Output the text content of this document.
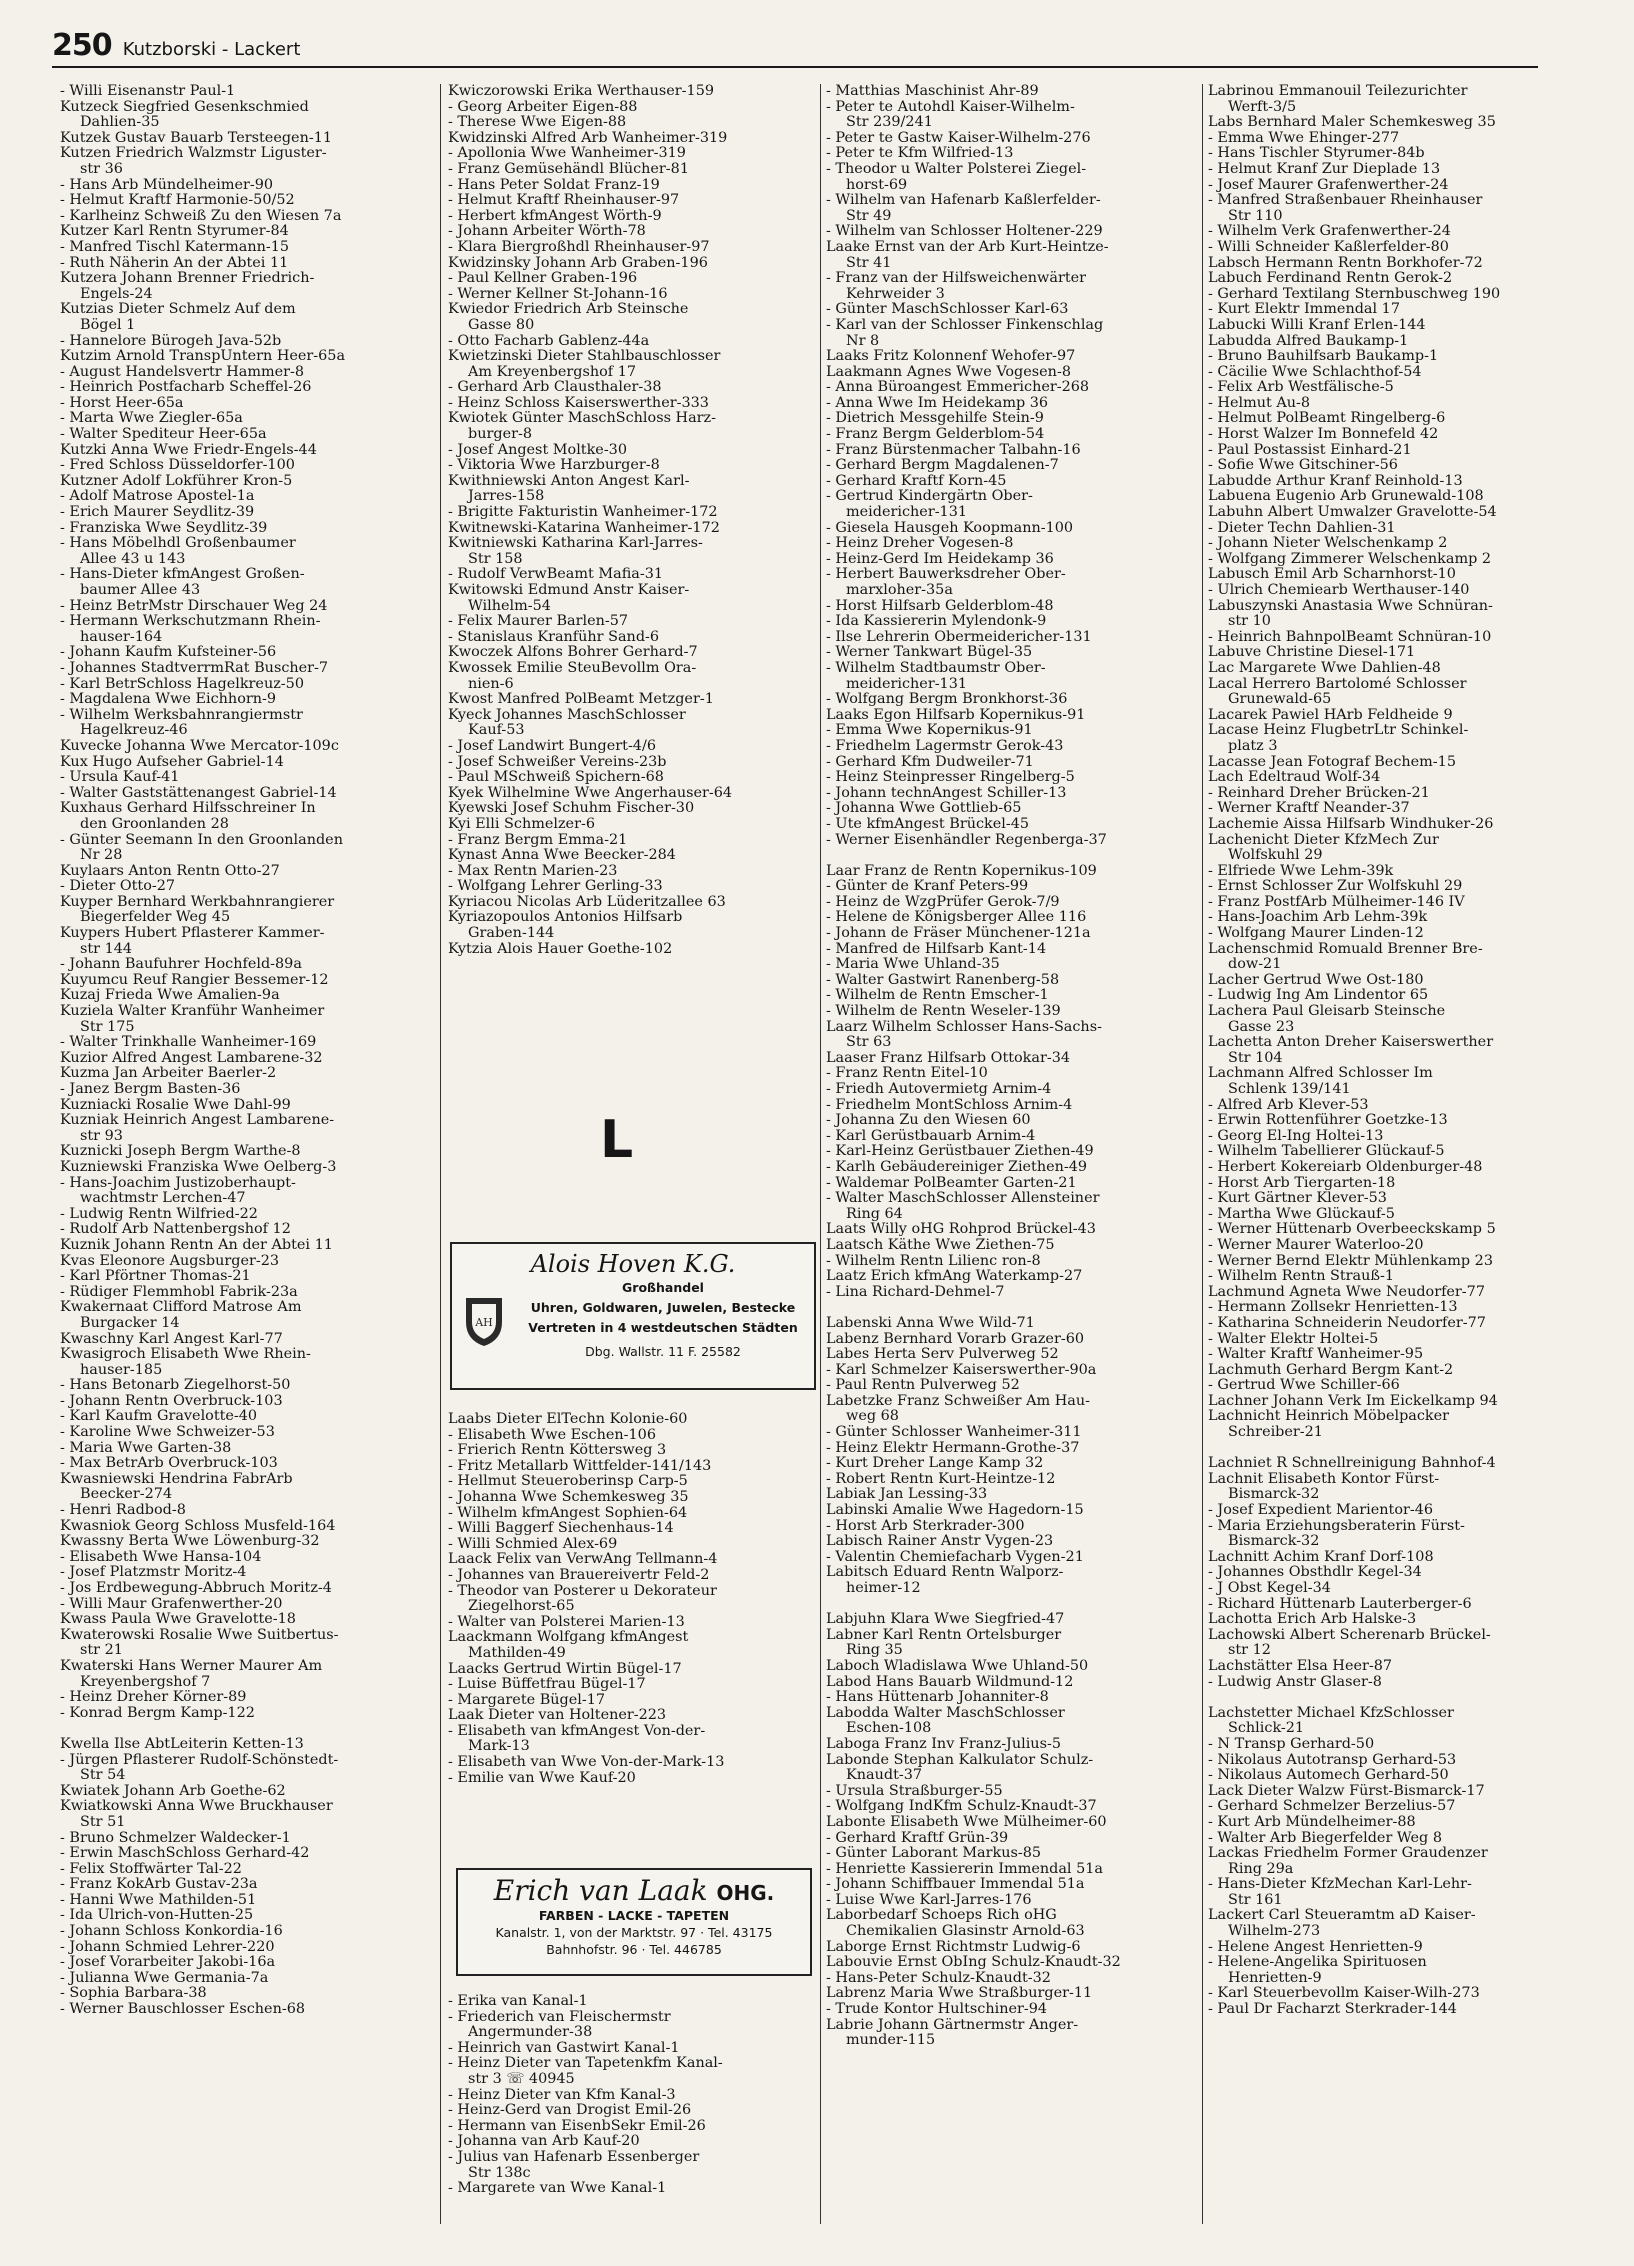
250 Kutzborski - Lackert
- Willi Eisenanstr Paul-1
Kutzeck Siegfried Gesenkschmied
Dahlien-35
Kutzek Gustav Bauarb Tersteegen-11
Kutzen Friedrich Walzmstr Liguster-
str 36
- Hans Arb Mündelheimer-90
- Helmut Kraftf Harmonie-50/52
- Karlheinz Schweiß Zu den Wiesen 7a
Kutzer Karl Rentn Styrumer-84
- Manfred Tischl Katermann-15
- Ruth Näherin An der Abtei 11
Kutzera Johann Brenner Friedrich-
Engels-24
Kutzias Dieter Schmelz Auf dem
Bögel 1
- Hannelore Bürogeh Java-52b
Kutzim Arnold TranspUntern Heer-65a
- August Handelsvertr Hammer-8
- Heinrich Postfacharb Scheffel-26
- Horst Heer-65a
- Marta Wwe Ziegler-65a
- Walter Spediteur Heer-65a
Kutzki Anna Wwe Friedr-Engels-44
- Fred Schloss Düsseldorfer-100
Kutzner Adolf Lokführer Kron-5
- Adolf Matrose Apostel-1a
- Erich Maurer Seydlitz-39
- Franziska Wwe Seydlitz-39
- Hans Möbelhdl Großenbaumer
Allee 43 u 143
- Hans-Dieter kfmAngest Großen-
baumer Allee 43
- Heinz BetrMstr Dirschauer Weg 24
- Hermann Werkschutzmann Rhein-
hauser-164
- Johann Kaufm Kufsteiner-56
- Johannes StadtverrmRat Buscher-7
- Karl BetrSchloss Hagelkreuz-50
- Magdalena Wwe Eichhorn-9
- Wilhelm Werksbahnrangiermstr
Hagelkreuz-46
Kuvecke Johanna Wwe Mercator-109c
Kux Hugo Aufseher Gabriel-14
- Ursula Kauf-41
- Walter Gaststättenangest Gabriel-14
Kuxhaus Gerhard Hilfsschreiner In
den Groonlanden 28
- Günter Seemann In den Groonlanden
Nr 28
Kuylaars Anton Rentn Otto-27
- Dieter Otto-27
Kuyper Bernhard Werkbahnrangierer
Biegerfelder Weg 45
Kuypers Hubert Pflasterer Kammer-
str 144
- Johann Baufuhrer Hochfeld-89a
Kuyumcu Reuf Rangier Bessemer-12
Kuzaj Frieda Wwe Amalien-9a
Kuziela Walter Kranführ Wanheimer
Str 175
- Walter Trinkhalle Wanheimer-169
Kuzior Alfred Angest Lambarene-32
Kuzma Jan Arbeiter Baerler-2
- Janez Bergm Basten-36
Kuzniacki Rosalie Wwe Dahl-99
Kuzniak Heinrich Angest Lambarene-
str 93
Kuznicki Joseph Bergm Warthe-8
Kuzniewski Franziska Wwe Oelberg-3
- Hans-Joachim Justizoberhaupt-
wachtmstr Lerchen-47
- Ludwig Rentn Wilfried-22
- Rudolf Arb Nattenbergshof 12
Kuznik Johann Rentn An der Abtei 11
Kvas Eleonore Augsburger-23
- Karl Pförtner Thomas-21
- Rüdiger Flemmhobl Fabrik-23a
Kwakernaat Clifford Matrose Am
Burgacker 14
Kwaschny Karl Angest Karl-77
Kwasigroch Elisabeth Wwe Rhein-
hauser-185
- Hans Betonarb Ziegelhorst-50
- Johann Rentn Overbruck-103
- Karl Kaufm Gravelotte-40
- Karoline Wwe Schweizer-53
- Maria Wwe Garten-38
- Max BetrArb Overbruck-103
Kwasniewski Hendrina FabrArb
Beecker-274
- Henri Radbod-8
Kwasniok Georg Schloss Musfeld-164
Kwassny Berta Wwe Löwenburg-32
- Elisabeth Wwe Hansa-104
- Josef Platzmstr Moritz-4
- Jos Erdbewegung-Abbruch Moritz-4
- Willi Maur Grafenwerther-20
Kwass Paula Wwe Gravelotte-18
Kwaterowski Rosalie Wwe Suitbertus-
str 21
Kwaterski Hans Werner Maurer Am
Kreyenbergshof 7
- Heinz Dreher Körner-89
- Konrad Bergm Kamp-122
Kwella Ilse AbtLeiterin Ketten-13
- Jürgen Pflasterer Rudolf-Schönstedt-
Str 54
Kwiatek Johann Arb Goethe-62
Kwiatkowski Anna Wwe Bruckhauser
Str 51
- Bruno Schmelzer Waldecker-1
- Erwin MaschSchloss Gerhard-42
- Felix Stoffwärter Tal-22
- Franz KokArb Gustav-23a
- Hanni Wwe Mathilden-51
- Ida Ulrich-von-Hutten-25
- Johann Schloss Konkordia-16
- Johann Schmied Lehrer-220
- Josef Vorarbeiter Jakobi-16a
- Julianna Wwe Germania-7a
- Sophia Barbara-38
- Werner Bauschlosser Eschen-68
Kwiczorowski Erika Werthauser-159
- Georg Arbeiter Eigen-88
- Therese Wwe Eigen-88
Kwidzinski Alfred Arb Wanheimer-319
- Apollonia Wwe Wanheimer-319
- Franz Gemüsehändl Blücher-81
- Hans Peter Soldat Franz-19
- Helmut Kraftf Rheinhauser-97
- Herbert kfmAngest Wörth-9
- Johann Arbeiter Wörth-78
- Klara Biergroßhdl Rheinhauser-97
Kwidzinsky Johann Arb Graben-196
- Paul Kellner Graben-196
- Werner Kellner St-Johann-16
Kwiedor Friedrich Arb Steinsche
Gasse 80
- Otto Facharb Gablenz-44a
Kwietzinski Dieter Stahlbauschlosser
Am Kreyenbergshof 17
- Gerhard Arb Clausthaler-38
- Heinz Schloss Kaiserswerther-333
Kwiotek Günter MaschSchloss Harz-
burger-8
- Josef Angest Moltke-30
- Viktoria Wwe Harzburger-8
Kwithniewski Anton Angest Karl-
Jarres-158
- Brigitte Fakturistin Wanheimer-172
Kwitnewski-Katarina Wanheimer-172
Kwitniewski Katharina Karl-Jarres-
Str 158
- Rudolf VerwBeamt Mafia-31
Kwitowski Edmund Anstr Kaiser-
Wilhelm-54
- Felix Maurer Barlen-57
- Stanislaus Kranführ Sand-6
Kwoczek Alfons Bohrer Gerhard-7
Kwossek Emilie SteuBevollm Ora-
nien-6
Kwost Manfred PolBeamt Metzger-1
Kyeck Johannes MaschSchlosser
Kauf-53
- Josef Landwirt Bungert-4/6
- Josef Schweißer Vereins-23b
- Paul MSchweiß Spichern-68
Kyek Wilhelmine Wwe Angerhauser-64
Kyewski Josef Schuhm Fischer-30
Kyi Elli Schmelzer-6
- Franz Bergm Emma-21
Kynast Anna Wwe Beecker-284
- Max Rentn Marien-23
- Wolfgang Lehrer Gerling-33
Kyriacou Nicolas Arb Lüderitzallee 63
Kyriazopoulos Antonios Hilfsarb
Graben-144
Kytzia Alois Hauer Goethe-102
Laabs Dieter ElTechn Kolonie-60
- Elisabeth Wwe Eschen-106
- Frierich Rentn Köttersweg 3
- Fritz Metallarb Wittfelder-141/143
- Hellmut Steueroberinsp Carp-5
- Johanna Wwe Schemkesweg 35
- Wilhelm kfmAngest Sophien-64
- Willi Baggerf Siechenhaus-14
- Willi Schmied Alex-69
Laack Felix van VerwAng Tellmann-4
- Johannes van Brauereivertr Feld-2
- Theodor van Posterer u Dekorateur
Ziegelhorst-65
- Walter van Polsterei Marien-13
Laackmann Wolfgang kfmAngest
Mathilden-49
Laacks Gertrud Wirtin Bügel-17
- Luise Büffetfrau Bügel-17
- Margarete Bügel-17
Laak Dieter van Holtener-223
- Elisabeth van kfmAngest Von-der-
Mark-13
- Elisabeth van Wwe Von-der-Mark-13
- Emilie van Wwe Kauf-20
- Erika van Kanal-1
- Friederich van Fleischermstr
Angermunder-38
- Heinrich van Gastwirt Kanal-1
- Heinz Dieter van Tapetenkfm Kanal-
str 3 ☏ 40945
- Heinz Dieter van Kfm Kanal-3
- Heinz-Gerd van Drogist Emil-26
- Hermann van EisenbSekr Emil-26
- Johanna van Arb Kauf-20
- Julius van Hafenarb Essenberger
Str 138c
- Margarete van Wwe Kanal-1
- Matthias Maschinist Ahr-89
- Peter te Autohdl Kaiser-Wilhelm-
Str 239/241
- Peter te Gastw Kaiser-Wilhelm-276
- Peter te Kfm Wilfried-13
- Theodor u Walter Polsterei Ziegel-
horst-69
- Wilhelm van Hafenarb Kaßlerfelder-
Str 49
- Wilhelm van Schlosser Holtener-229
Laake Ernst van der Arb Kurt-Heintze-
Str 41
- Franz van der Hilfsweichenwärter
Kehrweider 3
- Günter MaschSchlosser Karl-63
- Karl van der Schlosser Finkenschlag
Nr 8
Laaks Fritz Kolonnenf Wehofer-97
Laakmann Agnes Wwe Vogesen-8
- Anna Büroangest Emmericher-268
- Anna Wwe Im Heidekamp 36
- Dietrich Messgehilfe Stein-9
- Franz Bergm Gelderblom-54
- Franz Bürstenmacher Talbahn-16
- Gerhard Bergm Magdalenen-7
- Gerhard Kraftf Korn-45
- Gertrud Kindergärtn Ober-
meidericher-131
- Giesela Hausgeh Koopmann-100
- Heinz Dreher Vogesen-8
- Heinz-Gerd Im Heidekamp 36
- Herbert Bauwerksdreher Ober-
marxloher-35a
- Horst Hilfsarb Gelderblom-48
- Ida Kassiererin Mylendonk-9
- Ilse Lehrerin Obermeidericher-131
- Werner Tankwart Bügel-35
- Wilhelm Stadtbaumstr Ober-
meidericher-131
- Wolfgang Bergm Bronkhorst-36
Laaks Egon Hilfsarb Kopernikus-91
- Emma Wwe Kopernikus-91
- Friedhelm Lagermstr Gerok-43
- Gerhard Kfm Dudweiler-71
- Heinz Steinpresser Ringelberg-5
- Johann technAngest Schiller-13
- Johanna Wwe Gottlieb-65
- Ute kfmAngest Brückel-45
- Werner Eisenhändler Regenberga-37
Laar Franz de Rentn Kopernikus-109
- Günter de Kranf Peters-99
- Heinz de WzgPrüfer Gerok-7/9
- Helene de Königsberger Allee 116
- Johann de Fräser Münchener-121a
- Manfred de Hilfsarb Kant-14
- Maria Wwe Uhland-35
- Walter Gastwirt Ranenberg-58
- Wilhelm de Rentn Emscher-1
- Wilhelm de Rentn Weseler-139
Laarz Wilhelm Schlosser Hans-Sachs-
Str 63
Laaser Franz Hilfsarb Ottokar-34
- Franz Rentn Eitel-10
- Friedh Autovermietg Arnim-4
- Friedhelm MontSchloss Arnim-4
- Johanna Zu den Wiesen 60
- Karl Gerüstbauarb Arnim-4
- Karl-Heinz Gerüstbauer Ziethen-49
- Karlh Gebäudereiniger Ziethen-49
- Waldemar PolBeamter Garten-21
- Walter MaschSchlosser Allensteiner
Ring 64
Laats Willy oHG Rohprod Brückel-43
Laatsch Käthe Wwe Ziethen-75
- Wilhelm Rentn Lilienc ron-8
Laatz Erich kfmAng Waterkamp-27
- Lina Richard-Dehmel-7
Labenski Anna Wwe Wild-71
Labenz Bernhard Vorarb Grazer-60
Labes Herta Serv Pulverweg 52
- Karl Schmelzer Kaiserswerther-90a
- Paul Rentn Pulverweg 52
Labetzke Franz Schweißer Am Hau-
weg 68
- Günter Schlosser Wanheimer-311
- Heinz Elektr Hermann-Grothe-37
- Kurt Dreher Lange Kamp 32
- Robert Rentn Kurt-Heintze-12
Labiak Jan Lessing-33
Labinski Amalie Wwe Hagedorn-15
- Horst Arb Sterkrader-300
Labisch Rainer Anstr Vygen-23
- Valentin Chemiefacharb Vygen-21
Labitsch Eduard Rentn Walporz-
heimer-12
Labjuhn Klara Wwe Siegfried-47
Labner Karl Rentn Ortelsburger
Ring 35
Laboch Wladislawa Wwe Uhland-50
Labod Hans Bauarb Wildmund-12
- Hans Hüttenarb Johanniter-8
Labodda Walter MaschSchlosser
Eschen-108
Laboga Franz Inv Franz-Julius-5
Labonde Stephan Kalkulator Schulz-
Knaudt-37
- Ursula Straßburger-55
- Wolfgang IndKfm Schulz-Knaudt-37
Labonte Elisabeth Wwe Mülheimer-60
- Gerhard Kraftf Grün-39
- Günter Laborant Markus-85
- Henriette Kassiererin Immendal 51a
- Johann Schiffbauer Immendal 51a
- Luise Wwe Karl-Jarres-176
Laborbedarf Schoeps Rich oHG
Chemikalien Glasinstr Arnold-63
Laborge Ernst Richtmstr Ludwig-6
Labouvie Ernst ObIng Schulz-Knaudt-32
- Hans-Peter Schulz-Knaudt-32
Labrenz Maria Wwe Straßburger-11
- Trude Kontor Hultschiner-94
Labrie Johann Gärtnermstr Anger-
munder-115
Labrinou Emmanouil Teilezurichter
Werft-3/5
Labs Bernhard Maler Schemkesweg 35
- Emma Wwe Ehinger-277
- Hans Tischler Styrumer-84b
- Helmut Kranf Zur Dieplade 13
- Josef Maurer Grafenwerther-24
- Manfred Straßenbauer Rheinhauser
Str 110
- Wilhelm Verk Grafenwerther-24
- Willi Schneider Kaßlerfelder-80
Labsch Hermann Rentn Borkhofer-72
Labuch Ferdinand Rentn Gerok-2
- Gerhard Textilang Sternbuschweg 190
- Kurt Elektr Immendal 17
Labucki Willi Kranf Erlen-144
Labudda Alfred Baukamp-1
- Bruno Bauhilfsarb Baukamp-1
- Cäcilie Wwe Schlachthof-54
- Felix Arb Westfälische-5
- Helmut Au-8
- Helmut PolBeamt Ringelberg-6
- Horst Walzer Im Bonnefeld 42
- Paul Postassist Einhard-21
- Sofie Wwe Gitschiner-56
Labudde Arthur Kranf Reinhold-13
Labuena Eugenio Arb Grunewald-108
Labuhn Albert Umwalzer Gravelotte-54
- Dieter Techn Dahlien-31
- Johann Nieter Welschenkamp 2
- Wolfgang Zimmerer Welschenkamp 2
Labusch Emil Arb Scharnhorst-10
- Ulrich Chemiearb Werthauser-140
Labuszynski Anastasia Wwe Schnüran-
str 10
- Heinrich BahnpolBeamt Schnüran-10
Labuve Christine Diesel-171
Lac Margarete Wwe Dahlien-48
Lacal Herrero Bartolomé Schlosser
Grunewald-65
Lacarek Pawiel HArb Feldheide 9
Lacase Heinz FlugbetrLtr Schinkel-
platz 3
Lacasse Jean Fotograf Bechem-15
Lach Edeltraud Wolf-34
- Reinhard Dreher Brücken-21
- Werner Kraftf Neander-37
Lachemie Aissa Hilfsarb Windhuker-26
Lachenicht Dieter KfzMech Zur
Wolfskuhl 29
- Elfriede Wwe Lehm-39k
- Ernst Schlosser Zur Wolfskuhl 29
- Franz PostfArb Mülheimer-146 IV
- Hans-Joachim Arb Lehm-39k
- Wolfgang Maurer Linden-12
Lachenschmid Romuald Brenner Bre-
dow-21
Lacher Gertrud Wwe Ost-180
- Ludwig Ing Am Lindentor 65
Lachera Paul Gleisarb Steinsche
Gasse 23
Lachetta Anton Dreher Kaiserswerther
Str 104
Lachmann Alfred Schlosser Im
Schlenk 139/141
- Alfred Arb Klever-53
- Erwin Rottenführer Goetzke-13
- Georg El-Ing Holtei-13
- Wilhelm Tabellierer Glückauf-5
- Herbert Kokereiarb Oldenburger-48
- Horst Arb Tiergarten-18
- Kurt Gärtner Klever-53
- Martha Wwe Glückauf-5
- Werner Hüttenarb Overbeeckskamp 5
- Werner Maurer Waterloo-20
- Werner Bernd Elektr Mühlenkamp 23
- Wilhelm Rentn Strauß-1
Lachmund Agneta Wwe Neudorfer-77
- Hermann Zollsekr Henrietten-13
- Katharina Schneiderin Neudorfer-77
- Walter Elektr Holtei-5
- Walter Kraftf Wanheimer-95
Lachmuth Gerhard Bergm Kant-2
- Gertrud Wwe Schiller-66
Lachner Johann Verk Im Eickelkamp 94
Lachnicht Heinrich Möbelpacker
Schreiber-21
Lachniet R Schnellreinigung Bahnhof-4
Lachnit Elisabeth Kontor Fürst-
Bismarck-32
- Josef Expedient Marientor-46
- Maria Erziehungsberaterin Fürst-
Bismarck-32
Lachnitt Achim Kranf Dorf-108
- Johannes Obsthdlr Kegel-34
- J Obst Kegel-34
- Richard Hüttenarb Lauterberger-6
Lachotta Erich Arb Halske-3
Lachowski Albert Scherenarb Brückel-
str 12
Lachstätter Elsa Heer-87
- Ludwig Anstr Glaser-8
Lachstetter Michael KfzSchlosser
Schlick-21
- N Transp Gerhard-50
- Nikolaus Autotransp Gerhard-53
- Nikolaus Automech Gerhard-50
Lack Dieter Walzw Fürst-Bismarck-17
- Gerhard Schmelzer Berzelius-57
- Kurt Arb Mündelheimer-88
- Walter Arb Biegerfelder Weg 8
Lackas Friedhelm Former Graudenzer
Ring 29a
- Hans-Dieter KfzMechan Karl-Lehr-
Str 161
Lackert Carl Steueramtm aD Kaiser-
Wilhelm-273
- Helene Angest Henrietten-9
- Helene-Angelika Spirituosen
Henrietten-9
- Karl Steuerbevollm Kaiser-Wilh-273
- Paul Dr Facharzt Sterkrader-144
L
Alois Hoven K.G.
AH
Großhandel
Uhren, Goldwaren, Juwelen, Bestecke
Vertreten in 4 westdeutschen Städten
Dbg. Wallstr. 11 F. 25582
Erich van Laak OHG.
FARBEN - LACKE - TAPETEN
Kanalstr. 1, von der Marktstr. 97 · Tel. 43175
Bahnhofstr. 96 · Tel. 446785
